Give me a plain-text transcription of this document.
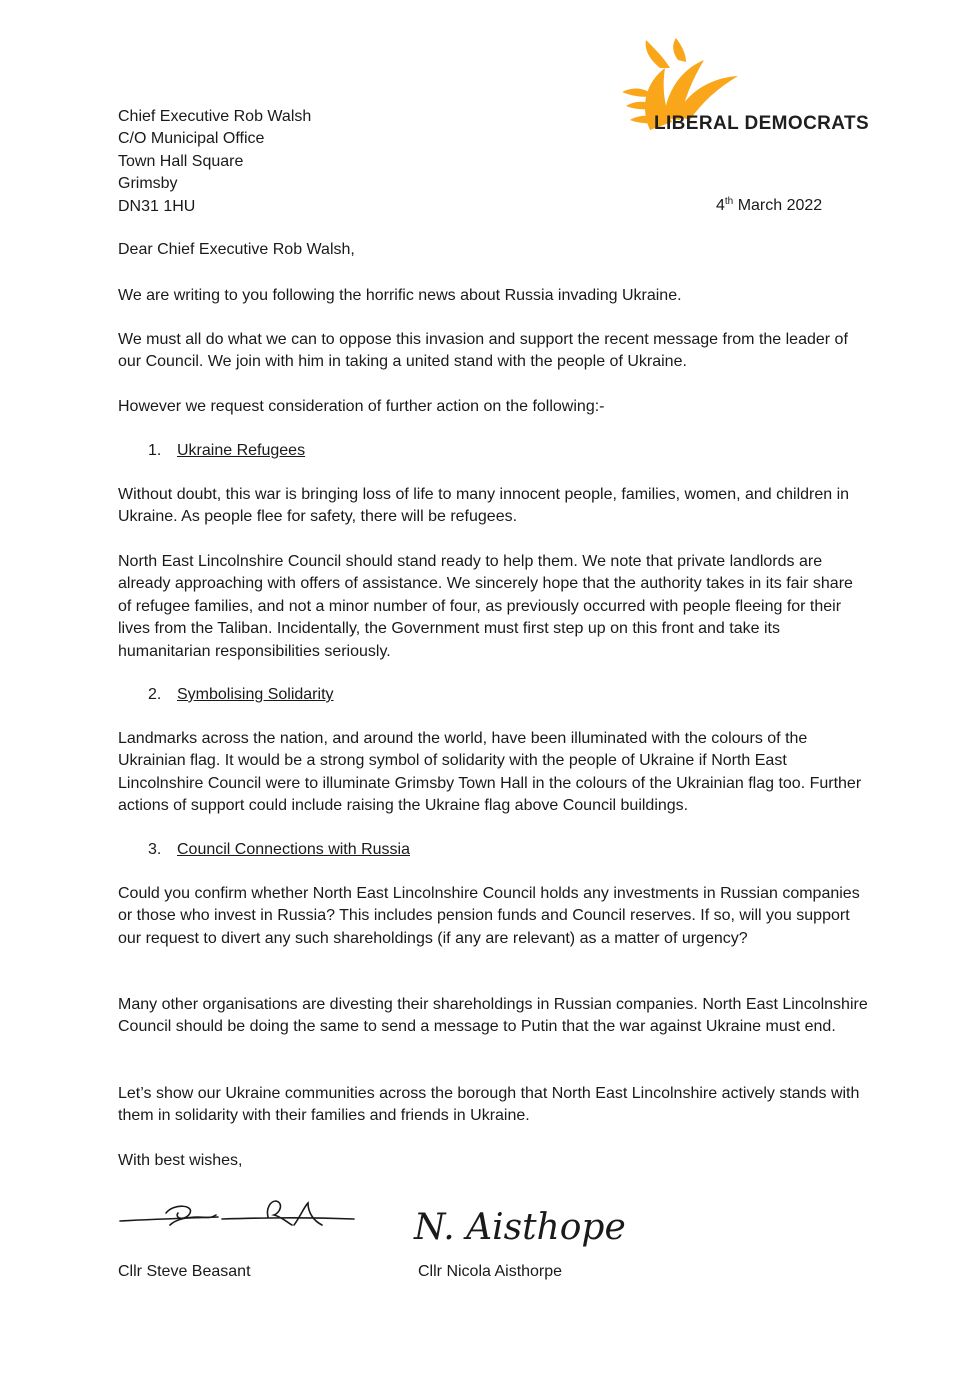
LIBERAL DEMOCRATS
Chief Executive Rob Walsh
C/O Municipal Office
Town Hall Square
Grimsby
DN31 1HU	4th March 2022

Dear Chief Executive Rob Walsh,

We are writing to you following the horrific news about Russia invading Ukraine.

We must all do what we can to oppose this invasion and support the recent message from the leader of our Council. We join with him in taking a united stand with the people of Ukraine.

However we request consideration of further action on the following:-

1. Ukraine Refugees

Without doubt, this war is bringing loss of life to many innocent people, families, women, and children in Ukraine. As people flee for safety, there will be refugees.

North East Lincolnshire Council should stand ready to help them. We note that private landlords are already approaching with offers of assistance. We sincerely hope that the authority takes in its fair share of refugee families, and not a minor number of four, as previously occurred with people fleeing for their lives from the Taliban. Incidentally, the Government must first step up on this front and take its humanitarian responsibilities seriously.

2. Symbolising Solidarity

Landmarks across the nation, and around the world, have been illuminated with the colours of the Ukrainian flag. It would be a strong symbol of solidarity with the people of Ukraine if North East Lincolnshire Council were to illuminate Grimsby Town Hall in the colours of the Ukrainian flag too. Further actions of support could include raising the Ukraine flag above Council buildings.

3. Council Connections with Russia

Could you confirm whether North East Lincolnshire Council holds any investments in Russian companies or those who invest in Russia? This includes pension funds and Council reserves. If so, will you support our request to divert any such shareholdings (if any are relevant) as a matter of urgency?

Many other organisations are divesting their shareholdings in Russian companies. North East Lincolnshire Council should be doing the same to send a message to Putin that the war against Ukraine must end.

Let’s show our Ukraine communities across the borough that North East Lincolnshire actively stands with them in solidarity with their families and friends in Ukraine.

With best wishes,

N. Aisthope
Cllr Steve Beasant	Cllr Nicola Aisthorpe
